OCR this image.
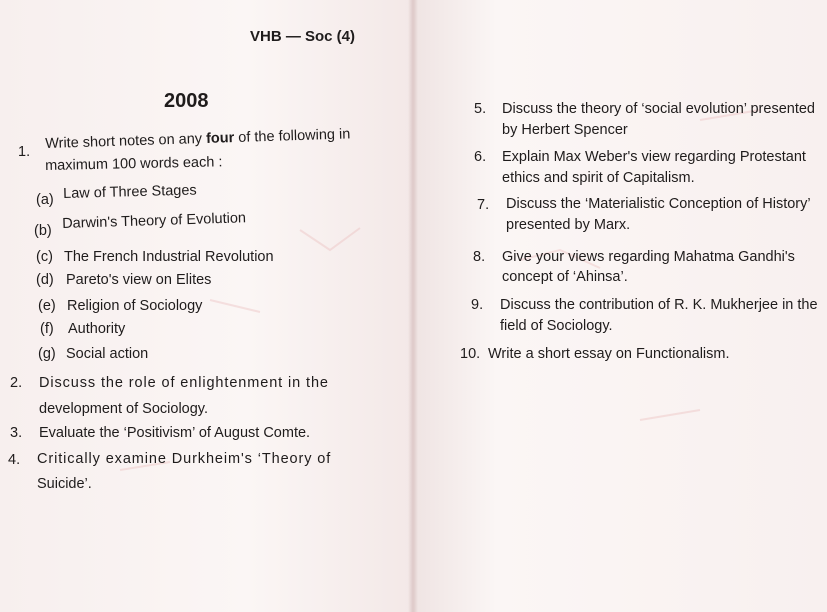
VHB — Soc (4)
2008
1.
Write short notes on any four of the following in
maximum 100 words each :
(a) Law of Three Stages
(b) Darwin's Theory of Evolution
(c) The French Industrial Revolution
(d) Pareto's view on Elites
(e) Religion of Sociology
(f) Authority
(g) Social action
2. Discuss the role of enlightenment in the
development of Sociology.
3. Evaluate the ‘Positivism’ of August Comte.
4. Critically examine Durkheim's ‘Theory of
Suicide’.
5. Discuss the theory of ‘social evolution’ presented
by Herbert Spencer
6. Explain Max Weber's view regarding Protestant
ethics and spirit of Capitalism.
7. Discuss the ‘Materialistic Conception of History’
presented by Marx.
8. Give your views regarding Mahatma Gandhi's
concept of ‘Ahinsa’.
9. Discuss the contribution of R. K. Mukherjee in the
field of Sociology.
10. Write a short essay on Functionalism.
